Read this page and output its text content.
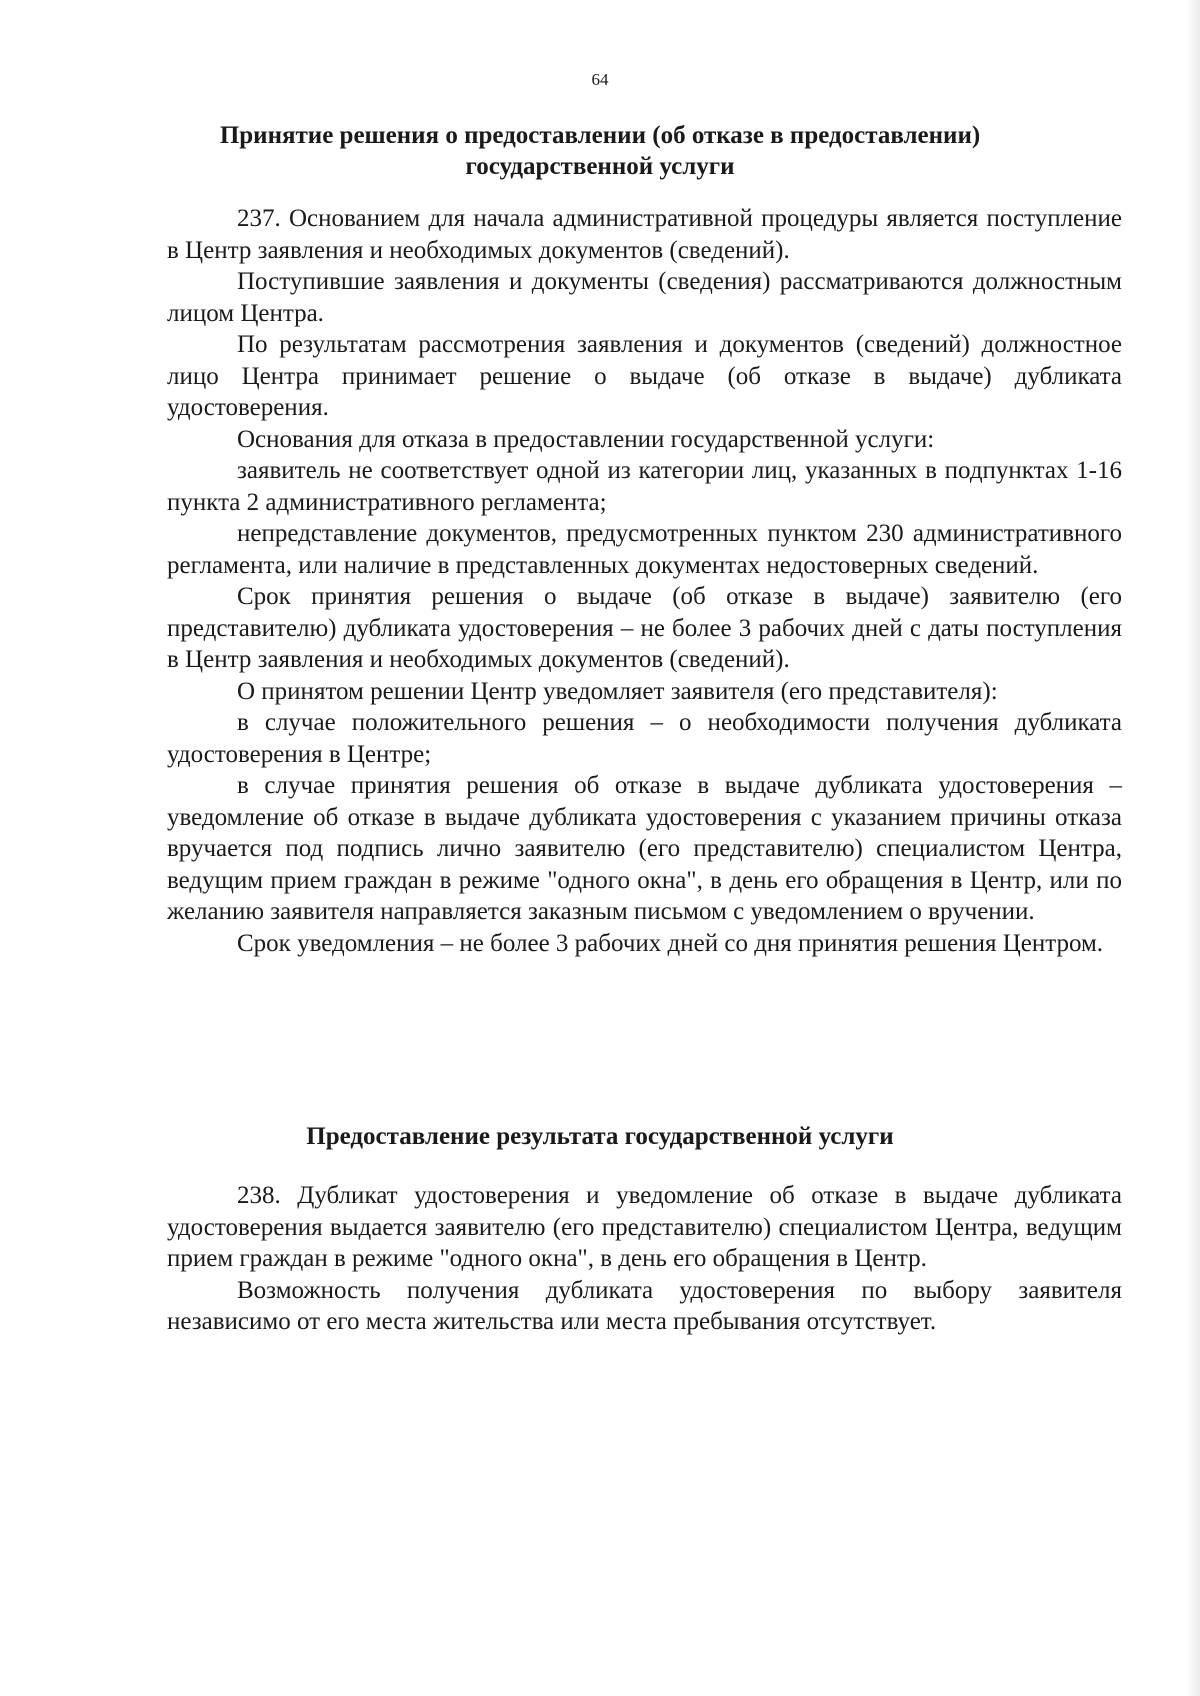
64
Принятие решения о предоставлении (об отказе в предоставлении)
государственной услуги

237. Основанием для начала административной процедуры является поступление в Центр заявления и необходимых документов (сведений).

Поступившие заявления и документы (сведения) рассматриваются должностным лицом Центра.

По результатам рассмотрения заявления и документов (сведений) должностное лицо Центра принимает решение о выдаче (об отказе в выдаче) дубликата удостоверения.

Основания для отказа в предоставлении государственной услуги:

заявитель не соответствует одной из категории лиц, указанных в подпунктах 1-16 пункта 2 административного регламента;

непредставление документов, предусмотренных пунктом 230 административного регламента, или наличие в представленных документах недостоверных сведений.

Срок принятия решения о выдаче (об отказе в выдаче) заявителю (его представителю) дубликата удостоверения – не более 3 рабочих дней с даты поступления в Центр заявления и необходимых документов (сведений).

О принятом решении Центр уведомляет заявителя (его представителя):

в случае положительного решения – о необходимости получения дубликата удостоверения в Центре;

в случае принятия решения об отказе в выдаче дубликата удостоверения – уведомление об отказе в выдаче дубликата удостоверения с указанием причины отказа вручается под подпись лично заявителю (его представителю) специалистом Центра, ведущим прием граждан в режиме "одного окна", в день его обращения в Центр, или по желанию заявителя направляется заказным письмом с уведомлением о вручении.

Срок уведомления – не более 3 рабочих дней со дня принятия решения Центром.

Предоставление результата государственной услуги

238. Дубликат удостоверения и уведомление об отказе в выдаче дубликата удостоверения выдается заявителю (его представителю) специалистом Центра, ведущим прием граждан в режиме "одного окна", в день его обращения в Центр.

Возможность получения дубликата удостоверения по выбору заявителя независимо от его места жительства или места пребывания отсутствует.
